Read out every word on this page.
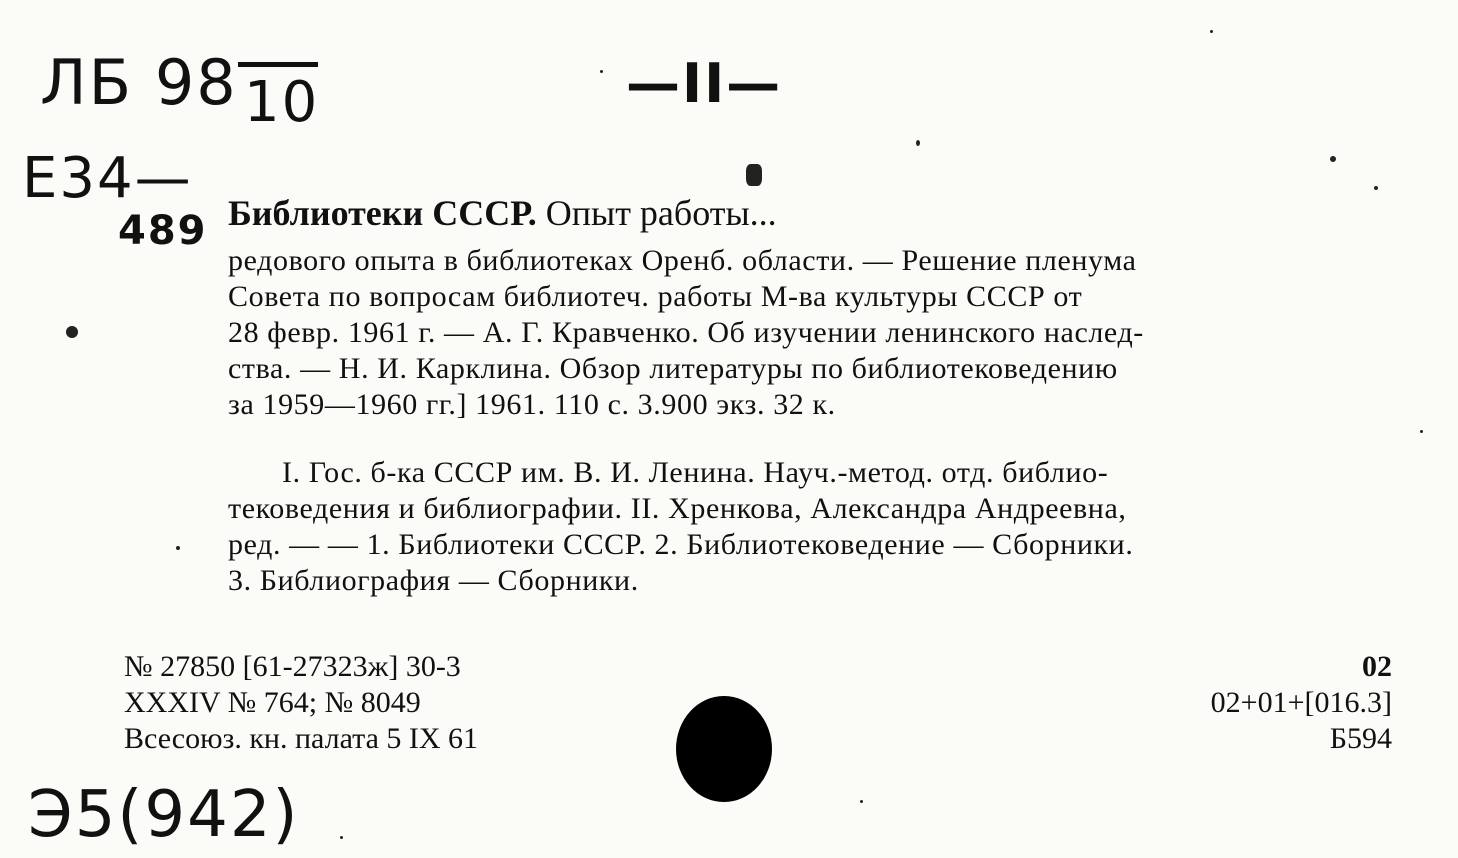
ЛБ 98 10	—II—
Е34—
489
Э5(942)
Библиотеки СССР. Опыт работы...
редового опыта в библиотеках Оренб. области. — Решение пленума
Совета по вопросам библиотеч. работы М-ва культуры СССР от
28 февр. 1961 г. — А. Г. Кравченко. Об изучении ленинского наслед-
ства. — Н. И. Карклина. Обзор литературы по библиотековедению
за 1959—1960 гг.] 1961. 110 с. 3.900 экз. 32 к.
I. Гос. б-ка СССР им. В. И. Ленина. Науч.-метод. отд. библио-
тековедения и библиографии. II. Хренкова, Александра Андреевна,
ред. — — 1. Библиотеки СССР. 2. Библиотековедение — Сборники.
3. Библиография — Сборники.
№ 27850 [61-27323ж] 30-3
XXXIV № 764; № 8049
Всесоюз. кн. палата 5 IX 61
02
02+01+[016.3]
Б594
